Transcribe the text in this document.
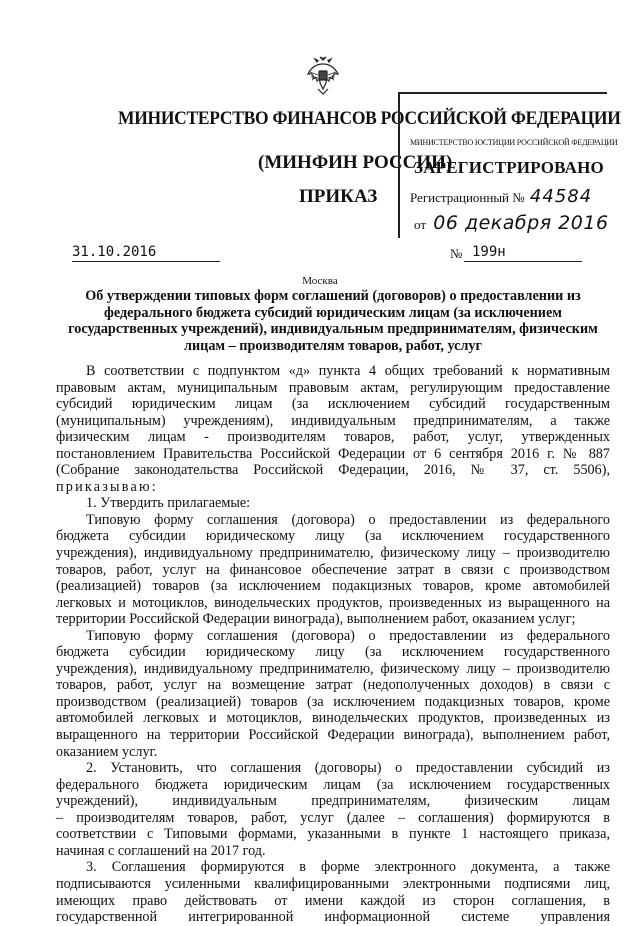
МИНИСТЕРСТВО ФИНАНСОВ РОССИЙСКОЙ ФЕДЕРАЦИИ
(МИНФИН РОССИИ)
ПРИКАЗ
МИНИСТЕРСТВО ЮСТИЦИИ РОССИЙСКОЙ ФЕДЕРАЦИИ
ЗАРЕГИСТРИРОВАНО
Регистрационный № 44584
от 06 декабря 2016
31.10.2016	№ 199н
Москва
Об утверждении типовых форм соглашений (договоров) о предоставлении из
федерального бюджета субсидий юридическим лицам (за исключением
государственных учреждений), индивидуальным предпринимателям, физическим
лицам – производителям товаров, работ, услуг
В соответствии с подпунктом «д» пункта 4 общих требований к нормативным
правовым актам, муниципальным правовым актам, регулирующим предоставление
субсидий юридическим лицам (за исключением субсидий государственным
(муниципальным) учреждениям), индивидуальным предпринимателям, а также
физическим лицам - производителям товаров, работ, услуг, утвержденных
постановлением Правительства Российской Федерации от 6 сентября 2016 г. № 887
(Собрание законодательства Российской Федерации, 2016, № 37, ст. 5506),
приказываю:
1. Утвердить прилагаемые:
Типовую форму соглашения (договора) о предоставлении из федерального
бюджета субсидии юридическому лицу (за исключением государственного
учреждения), индивидуальному предпринимателю, физическому лицу – производителю
товаров, работ, услуг на финансовое обеспечение затрат в связи с производством
(реализацией) товаров (за исключением подакцизных товаров, кроме автомобилей
легковых и мотоциклов, винодельческих продуктов, произведенных из выращенного на
территории Российской Федерации винограда), выполнением работ, оказанием услуг;
Типовую форму соглашения (договора) о предоставлении из федерального
бюджета субсидии юридическому лицу (за исключением государственного
учреждения), индивидуальному предпринимателю, физическому лицу – производителю
товаров, работ, услуг на возмещение затрат (недополученных доходов) в связи с
производством (реализацией) товаров (за исключением подакцизных товаров, кроме
автомобилей легковых и мотоциклов, винодельческих продуктов, произведенных из
выращенного на территории Российской Федерации винограда), выполнением работ,
оказанием услуг.
2. Установить, что соглашения (договоры) о предоставлении субсидий из
федерального бюджета юридическим лицам (за исключением государственных
учреждений), индивидуальным предпринимателям, физическим лицам
– производителям товаров, работ, услуг (далее – соглашения) формируются в
соответствии с Типовыми формами, указанными в пункте 1 настоящего приказа,
начиная с соглашений на 2017 год.
3. Соглашения формируются в форме электронного документа, а также
подписываются усиленными квалифицированными электронными подписями лиц,
имеющих право действовать от имени каждой из сторон соглашения, в
государственной интегрированной информационной системе управления
